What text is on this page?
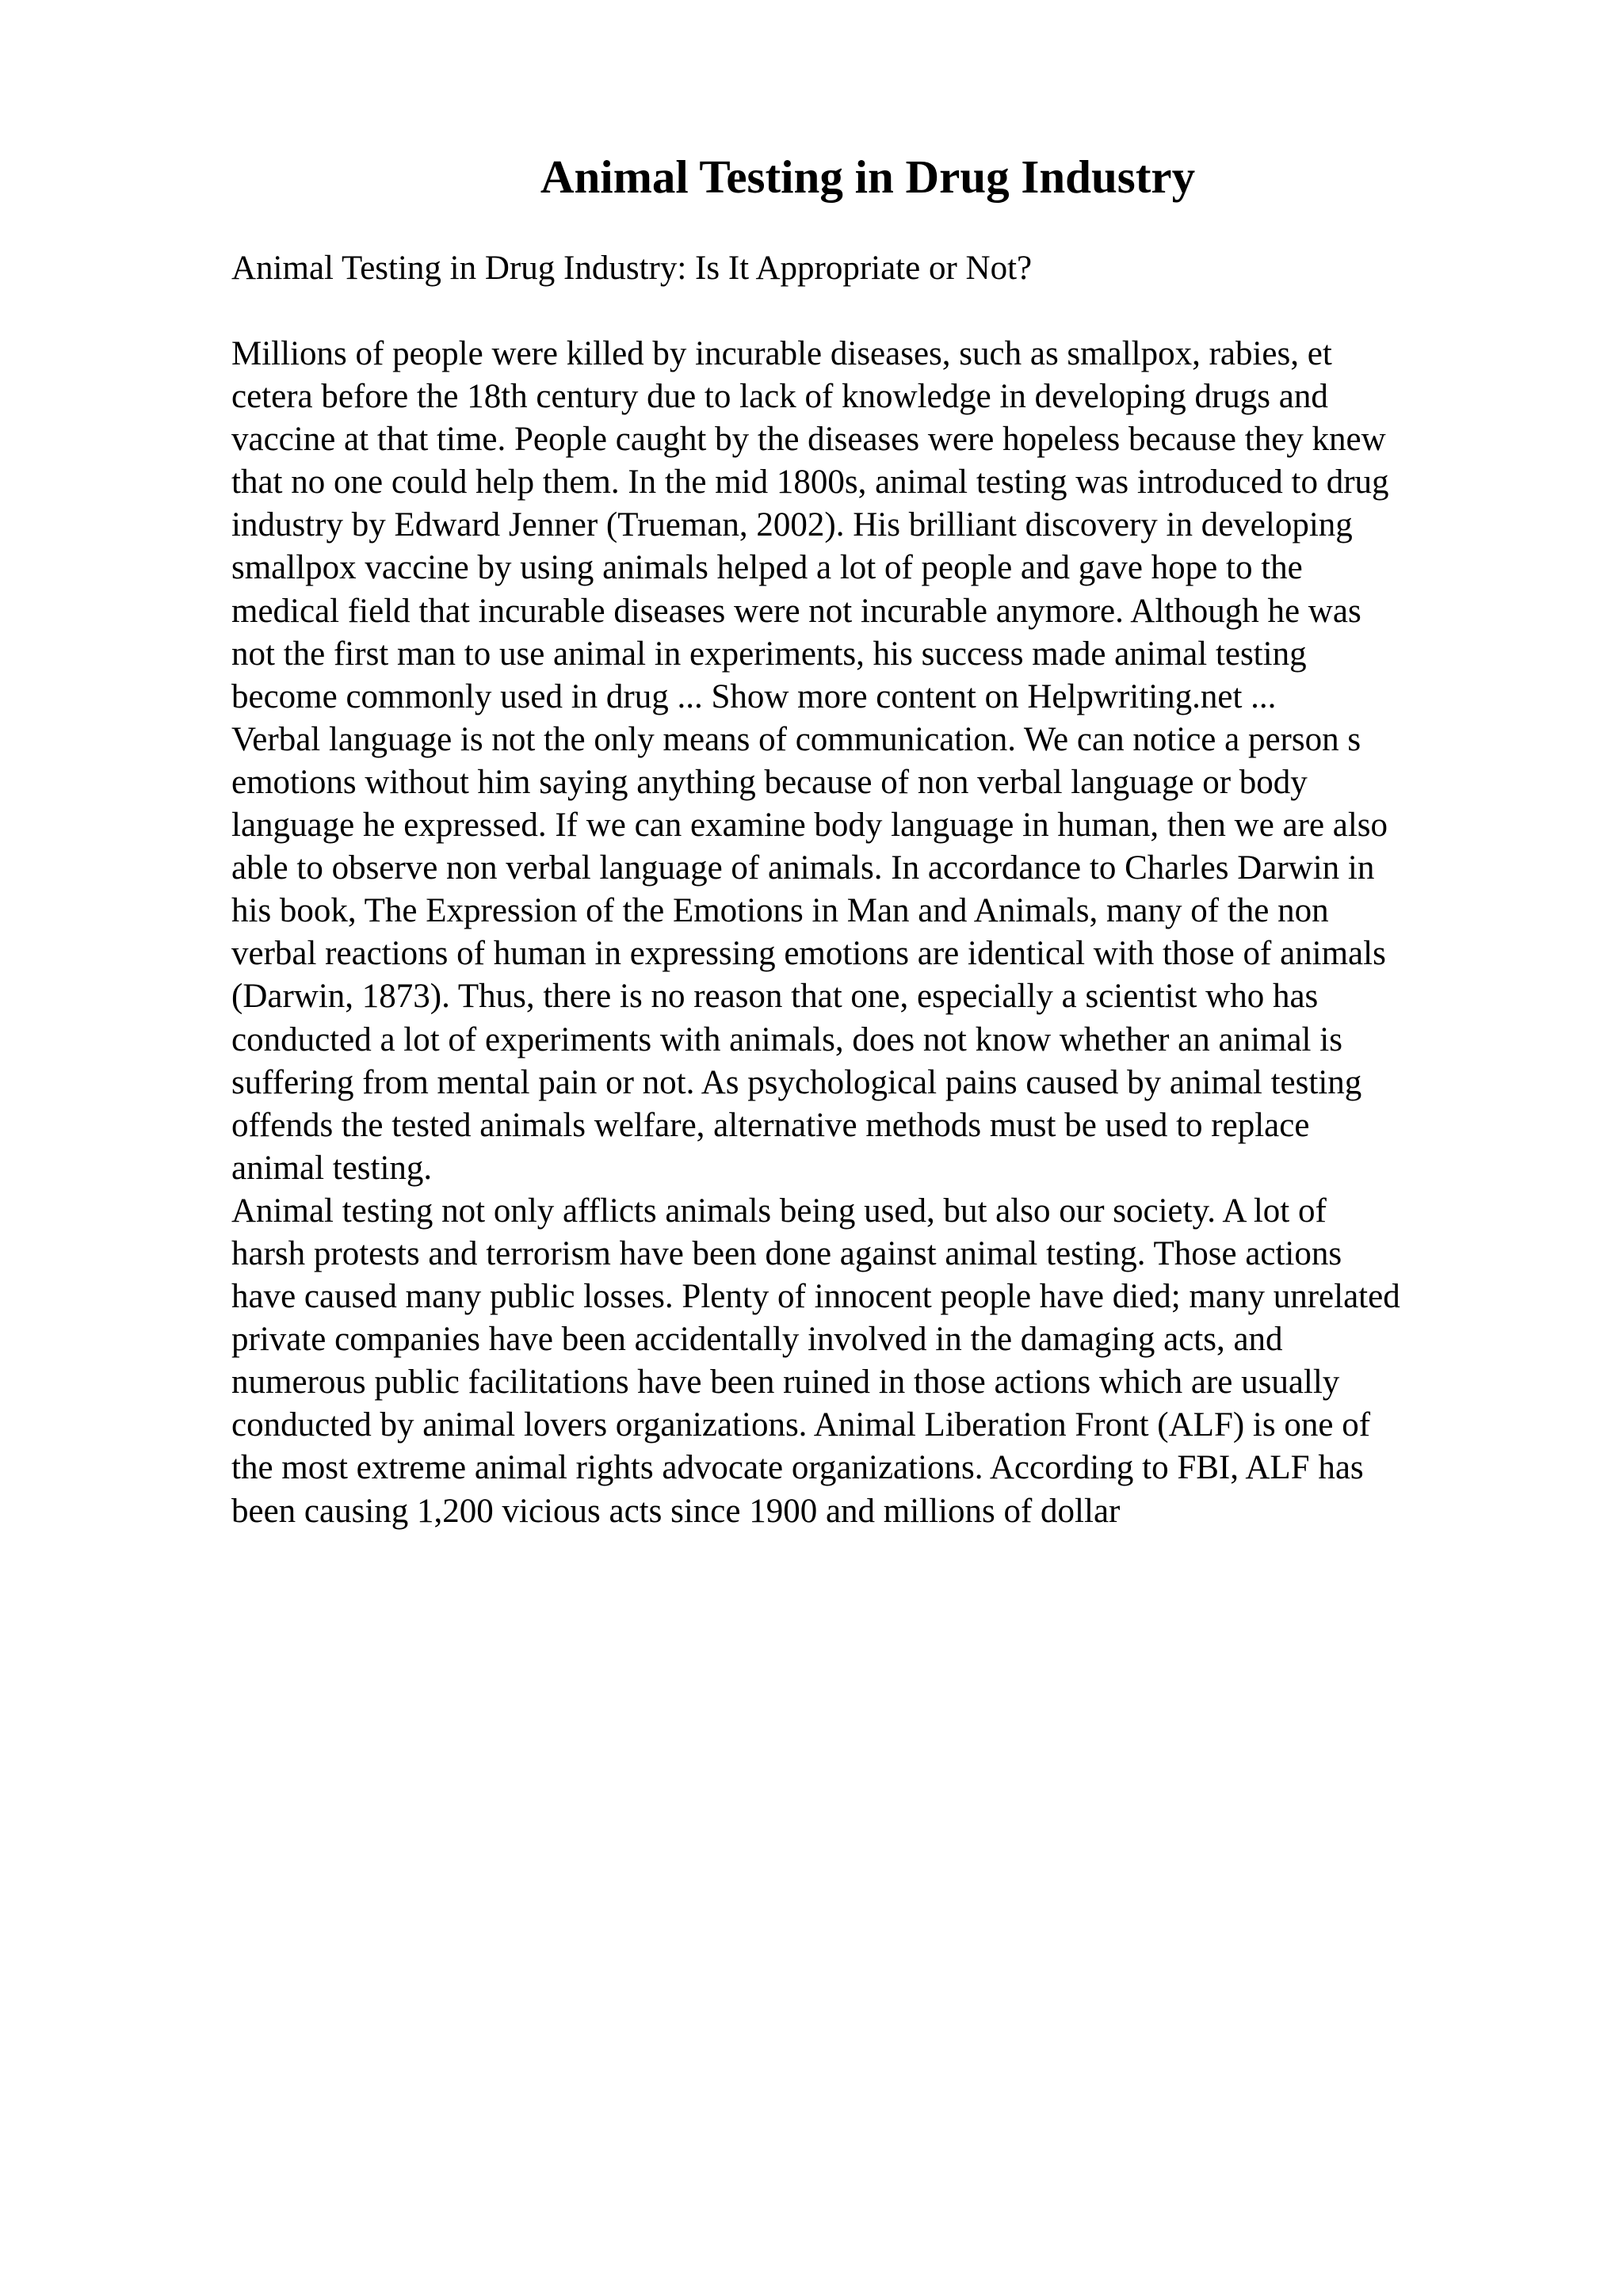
Animal Testing in Drug Industry

Animal Testing in Drug Industry: Is It Appropriate or Not?

Millions of people were killed by incurable diseases, such as smallpox, rabies, et
cetera before the 18th century due to lack of knowledge in developing drugs and
vaccine at that time. People caught by the diseases were hopeless because they knew
that no one could help them. In the mid 1800s, animal testing was introduced to drug
industry by Edward Jenner (Trueman, 2002). His brilliant discovery in developing
smallpox vaccine by using animals helped a lot of people and gave hope to the
medical field that incurable diseases were not incurable anymore. Although he was
not the first man to use animal in experiments, his success made animal testing
become commonly used in drug ... Show more content on Helpwriting.net ...
Verbal language is not the only means of communication. We can notice a person s
emotions without him saying anything because of non verbal language or body
language he expressed. If we can examine body language in human, then we are also
able to observe non verbal language of animals. In accordance to Charles Darwin in
his book, The Expression of the Emotions in Man and Animals, many of the non
verbal reactions of human in expressing emotions are identical with those of animals
(Darwin, 1873). Thus, there is no reason that one, especially a scientist who has
conducted a lot of experiments with animals, does not know whether an animal is
suffering from mental pain or not. As psychological pains caused by animal testing
offends the tested animals welfare, alternative methods must be used to replace
animal testing.
Animal testing not only afflicts animals being used, but also our society. A lot of
harsh protests and terrorism have been done against animal testing. Those actions
have caused many public losses. Plenty of innocent people have died; many unrelated
private companies have been accidentally involved in the damaging acts, and
numerous public facilitations have been ruined in those actions which are usually
conducted by animal lovers organizations. Animal Liberation Front (ALF) is one of
the most extreme animal rights advocate organizations. According to FBI, ALF has
been causing 1,200 vicious acts since 1900 and millions of dollar
